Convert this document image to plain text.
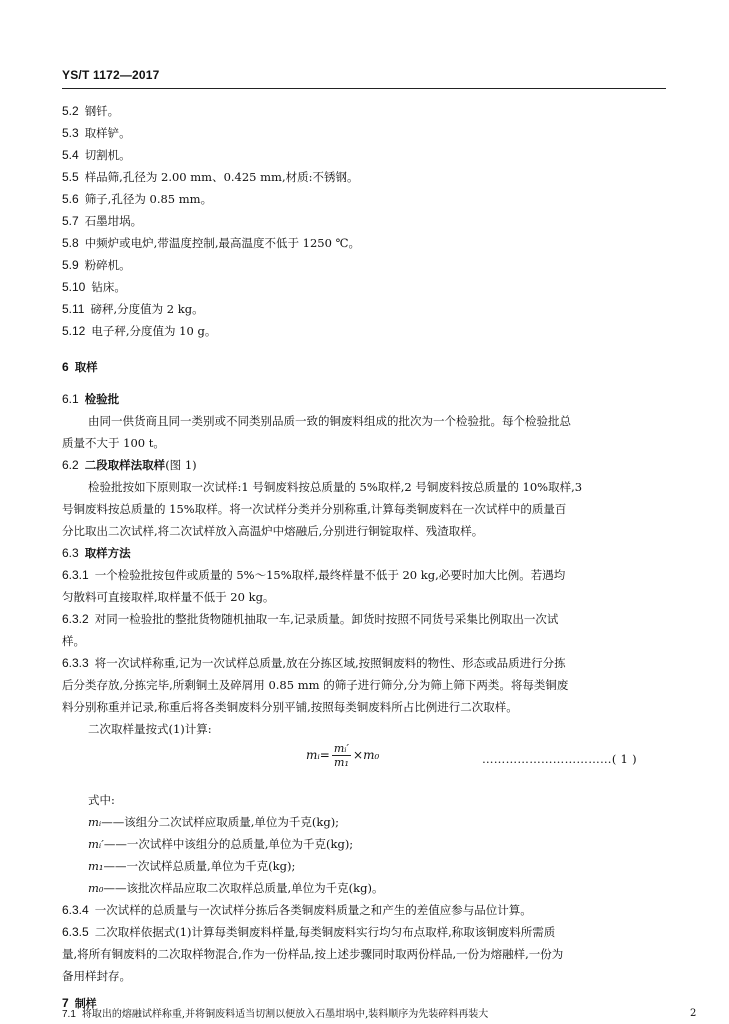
YS/T 1172—2017
5.2 钢钎。
5.3 取样铲。
5.4 切割机。
5.5 样品筛,孔径为 2.00 mm、0.425 mm,材质:不锈钢。
5.6 筛子,孔径为 0.85 mm。
5.7 石墨坩埚。
5.8 中频炉或电炉,带温度控制,最高温度不低于 1250 ℃。
5.9 粉碎机。
5.10 钻床。
5.11 磅秤,分度值为 2 kg。
5.12 电子秤,分度值为 10 g。
6 取样
6.1 检验批
由同一供货商且同一类别或不同类别品质一致的铜废料组成的批次为一个检验批。每个检验批总
质量不大于 100 t。
6.2 二段取样法取样(图 1)
检验批按如下原则取一次试样:1 号铜废料按总质量的 5%取样,2 号铜废料按总质量的 10%取样,3
号铜废料按总质量的 15%取样。将一次试样分类并分别称重,计算每类铜废料在一次试样中的质量百
分比取出二次试样,将二次试样放入高温炉中熔融后,分别进行铜锭取样、残渣取样。
6.3 取样方法
6.3.1 一个检验批按包件或质量的 5%～15%取样,最终样量不低于 20 kg,必要时加大比例。若遇均
匀散料可直接取样,取样量不低于 20 kg。
6.3.2 对同一检验批的整批货物随机抽取一车,记录质量。卸货时按照不同货号采集比例取出一次试
样。
6.3.3 将一次试样称重,记为一次试样总质量,放在分拣区域,按照铜废料的物性、形态或品质进行分拣
后分类存放,分拣完毕,所剩铜土及碎屑用 0.85 mm 的筛子进行筛分,分为筛上筛下两类。将每类铜废
料分别称重并记录,称重后将各类铜废料分别平铺,按照每类铜废料所占比例进行二次取样。
二次取样量按式(1)计算:
mᵢ= $\frac{\text{mᵢ′}}{\text{m₁}} \times m_0$	……………………………( 1 )
式中:
mᵢ——该组分二次试样应取质量,单位为千克(kg);
mᵢ′——一次试样中该组分的总质量,单位为千克(kg);
m₁——一次试样总质量,单位为千克(kg);
m₀——该批次样品应取二次取样总质量,单位为千克(kg)。
6.3.4 一次试样的总质量与一次试样分拣后各类铜废料质量之和产生的差值应参与品位计算。
6.3.5 二次取样依据式(1)计算每类铜废料样量,每类铜废料实行均匀布点取样,称取该铜废料所需质
量,将所有铜废料的二次取样物混合,作为一份样品,按上述步骤同时取两份样品,一份为熔融样,一份为
备用样封存。
7 制样
7.1 将取出的熔融试样称重,并将铜废料适当切割以便放入石墨坩埚中,装料顺序为先装碎料再装大	2
